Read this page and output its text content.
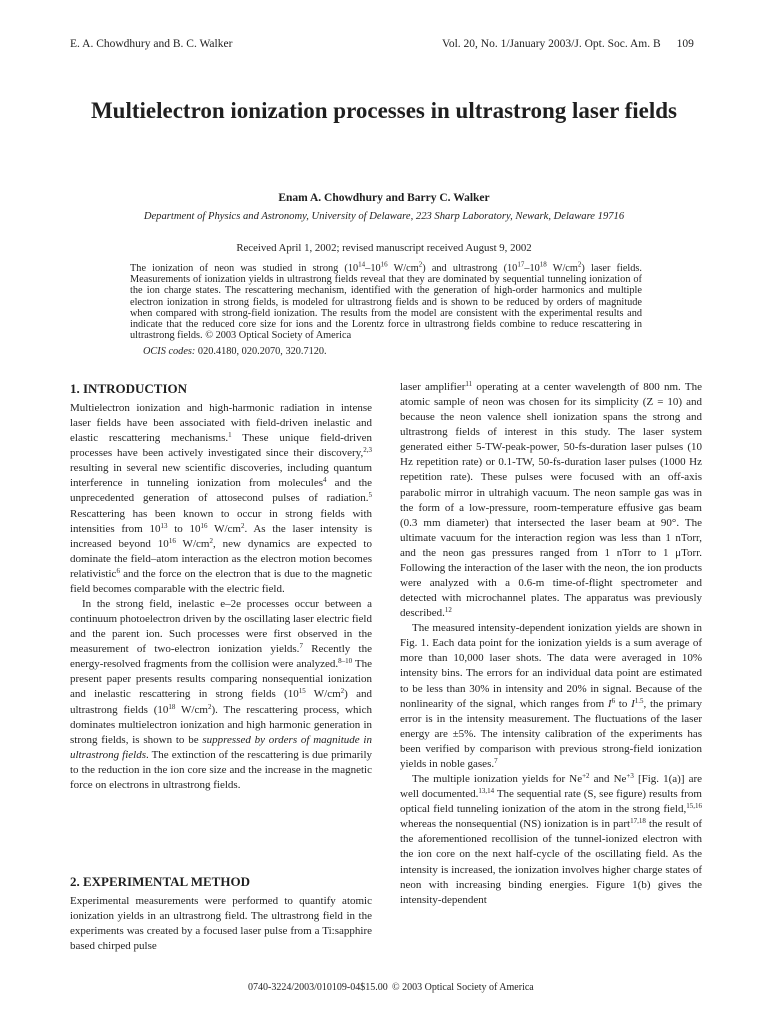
E. A. Chowdhury and B. C. Walker	Vol. 20, No. 1/January 2003/J. Opt. Soc. Am. B 109
Multielectron ionization processes in ultrastrong laser fields
Enam A. Chowdhury and Barry C. Walker
Department of Physics and Astronomy, University of Delaware, 223 Sharp Laboratory, Newark, Delaware 19716
Received April 1, 2002; revised manuscript received August 9, 2002

The ionization of neon was studied in strong ($10^{14}-10^{16}$ $W/cm^2$) and ultrastrong ($10^{17}-10^{18}$ $W/cm^2$) laser fields. Measurements of ionization yields in ultrastrong fields reveal that they are dominated by sequential tunneling ionization of the ion charge states. The rescattering mechanism, identified with the generation of high-order harmonics and multiple electron ionization in strong fields, is modeled for ultrastrong fields and is shown to be reduced by orders of magnitude when compared with strong-field ionization. The results from the model are consistent with the experimental results and indicate that the reduced core size for ions and the Lorentz force in ultrastrong fields combine to reduce rescattering in ultrastrong fields. © 2003 Optical Society of America

OCIS codes: 020.4180, 020.2070, 320.7120.
1. INTRODUCTION

Multielectron ionization and high-harmonic radiation in intense laser fields have been associated with field-driven inelastic and elastic rescattering mechanisms.$^1$ These unique field-driven processes have been actively investigated since their discovery,$^{2,3}$ resulting in several new scientific discoveries, including quantum interference in tunneling ionization from molecules$^4$ and the unprecedented generation of attosecond pulses of radiation.$^5$ Rescattering has been known to occur in strong fields with intensities from $10^{13}$ to $10^{16}$ $W/cm^2$. As the laser intensity is increased beyond $10^{16}$ $W/cm^2$, new dynamics are expected to dominate the field–atom interaction as the electron motion becomes relativistic$^6$ and the force on the electron that is due to the magnetic field becomes comparable with the electric field.

In the strong field, inelastic e–2e processes occur between a continuum photoelectron driven by the oscillating laser electric field and the parent ion. Such processes were first observed in the measurement of two-electron ionization yields.$^7$ Recently the energy-resolved fragments from the collision were analyzed.$^{8-10}$ The present paper presents results comparing nonsequential ionization and inelastic rescattering in strong fields ($10^{15}$ $W/cm^2$) and ultrastrong fields ($10^{18}$ $W/cm^2$). The rescattering process, which dominates multielectron ionization and high harmonic generation in strong fields, is shown to be suppressed by orders of magnitude in ultrastrong fields. The extinction of the rescattering is due primarily to the reduction in the ion core size and the increase in the magnetic force on electrons in ultrastrong fields.

2. EXPERIMENTAL METHOD

Experimental measurements were performed to quantify atomic ionization yields in an ultrastrong field. The ultrastrong field in the experiments was created by a focused laser pulse from a Ti:sapphire based chirped pulse

laser amplifier$^{11}$ operating at a center wavelength of 800 nm. The atomic sample of neon was chosen for its simplicity (Z = 10) and because the neon valence shell ionization spans the strong and ultrastrong fields of interest in this study. The laser system generated either 5-TW-peak-power, 50-fs-duration laser pulses (10 Hz repetition rate) or 0.1-TW, 50-fs-duration laser pulses (1000 Hz repetition rate). These pulses were focused with an off-axis parabolic mirror in ultrahigh vacuum. The neon sample gas was in the form of a low-pressure, room-temperature effusive gas beam (0.3 mm diameter) that intersected the laser beam at 90°. The ultimate vacuum for the interaction region was less than 1 nTorr, and the neon gas pressures ranged from 1 nTorr to 1 μTorr. Following the interaction of the laser with the neon, the ion products were analyzed with a 0.6-m time-of-flight spectrometer and detected with microchannel plates. The apparatus was previously described.$^{12}$

The measured intensity-dependent ionization yields are shown in Fig. 1. Each data point for the ionization yields is a sum average of more than 10,000 laser shots. The data were averaged in 10% intensity bins. The errors for an individual data point are estimated to be less than 30% in intensity and 20% in signal. Because of the nonlinearity of the signal, which ranges from $I^6$ to $I^{1.5}$, the primary error is in the intensity measurement. The fluctuations of the laser energy are ±5%. The intensity calibration of the experiments has been verified by comparison with previous strong-field ionization yields in noble gases.$^7$

The multiple ionization yields for $Ne^{+2}$ and $Ne^{+3}$ [Fig. 1(a)] are well documented.$^{13,14}$ The sequential rate (S, see figure) results from optical field tunneling ionization of the atom in the strong field,$^{15,16}$ whereas the nonsequential (NS) ionization is in part$^{17,18}$ the result of the aforementioned recollision of the tunnel-ionized electron with the ion core on the next half-cycle of the oscillating field. As the intensity is increased, the ionization involves higher charge states of neon with increasing binding energies. Figure 1(b) gives the intensity-dependent

0740-3224/2003/010109-04$15.00 © 2003 Optical Society of America
